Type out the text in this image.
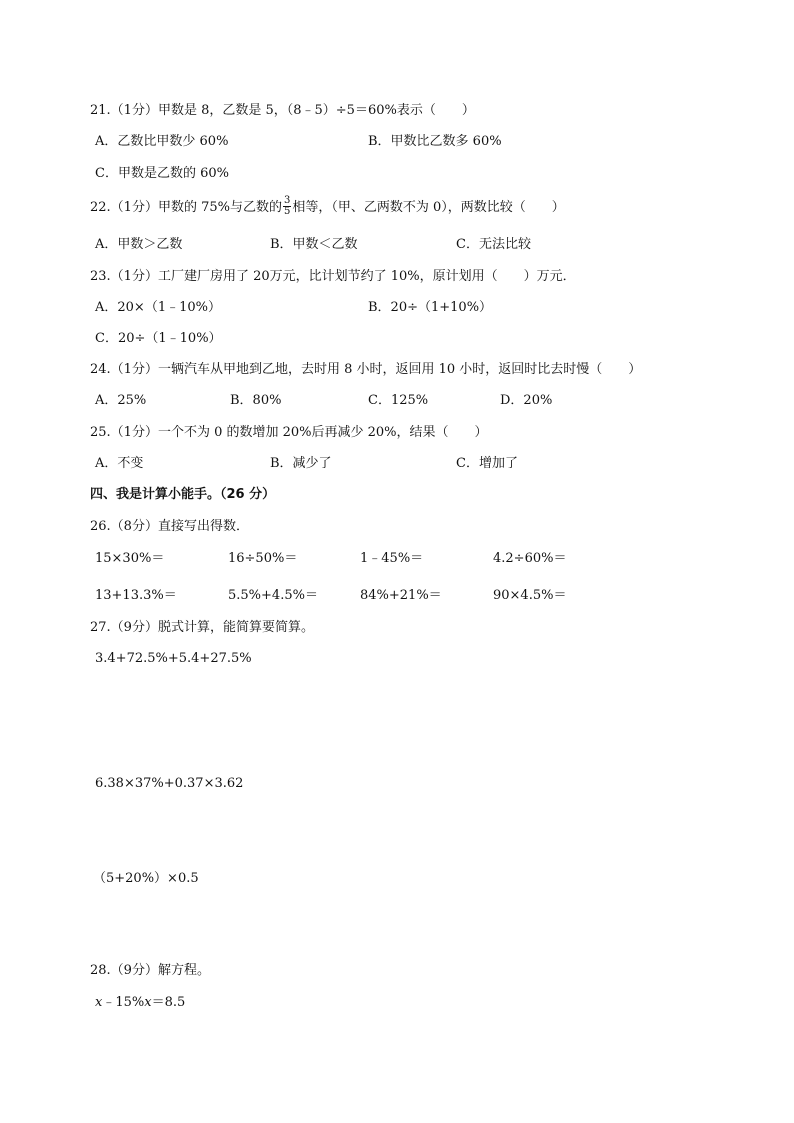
21.（1分）甲数是 8，乙数是 5，（8﹣5）÷5＝60%表示（　　）
A．乙数比甲数少 60%	B．甲数比乙数多 60%
C．甲数是乙数的 60%
22.（1分）甲数的 75%与乙数的 $\frac{3}{5}$ 相等，（甲、乙两数不为 0），两数比较（　　）
A．甲数＞乙数	B．甲数＜乙数	C．无法比较
23.（1分）工厂建厂房用了 20万元，比计划节约了 10%，原计划用（　　）万元．
A．20×（1﹣10%）	B．20÷（1+10%）
C．20÷（1﹣10%）
24.（1分）一辆汽车从甲地到乙地，去时用 8 小时，返回用 10 小时，返回时比去时慢（　　）
A．25%	B．80%	C．125%	D．20%
25.（1分）一个不为 0 的数增加 20%后再减少 20%，结果（　　）
A．不变	B．减少了	C．增加了
四、我是计算小能手。（26 分）
26.（8分）直接写出得数．
15×30%＝	16÷50%＝	1﹣45%＝	4.2÷60%＝
13+13.3%＝	5.5%+4.5%＝	84%+21%＝	90×4.5%＝
27.（9分）脱式计算，能简算要简算。
3.4+72.5%+5.4+27.5%
6.38×37%+0.37×3.62
（5+20%）×0.5
28.（9分）解方程。
x﹣15%x＝8.5
